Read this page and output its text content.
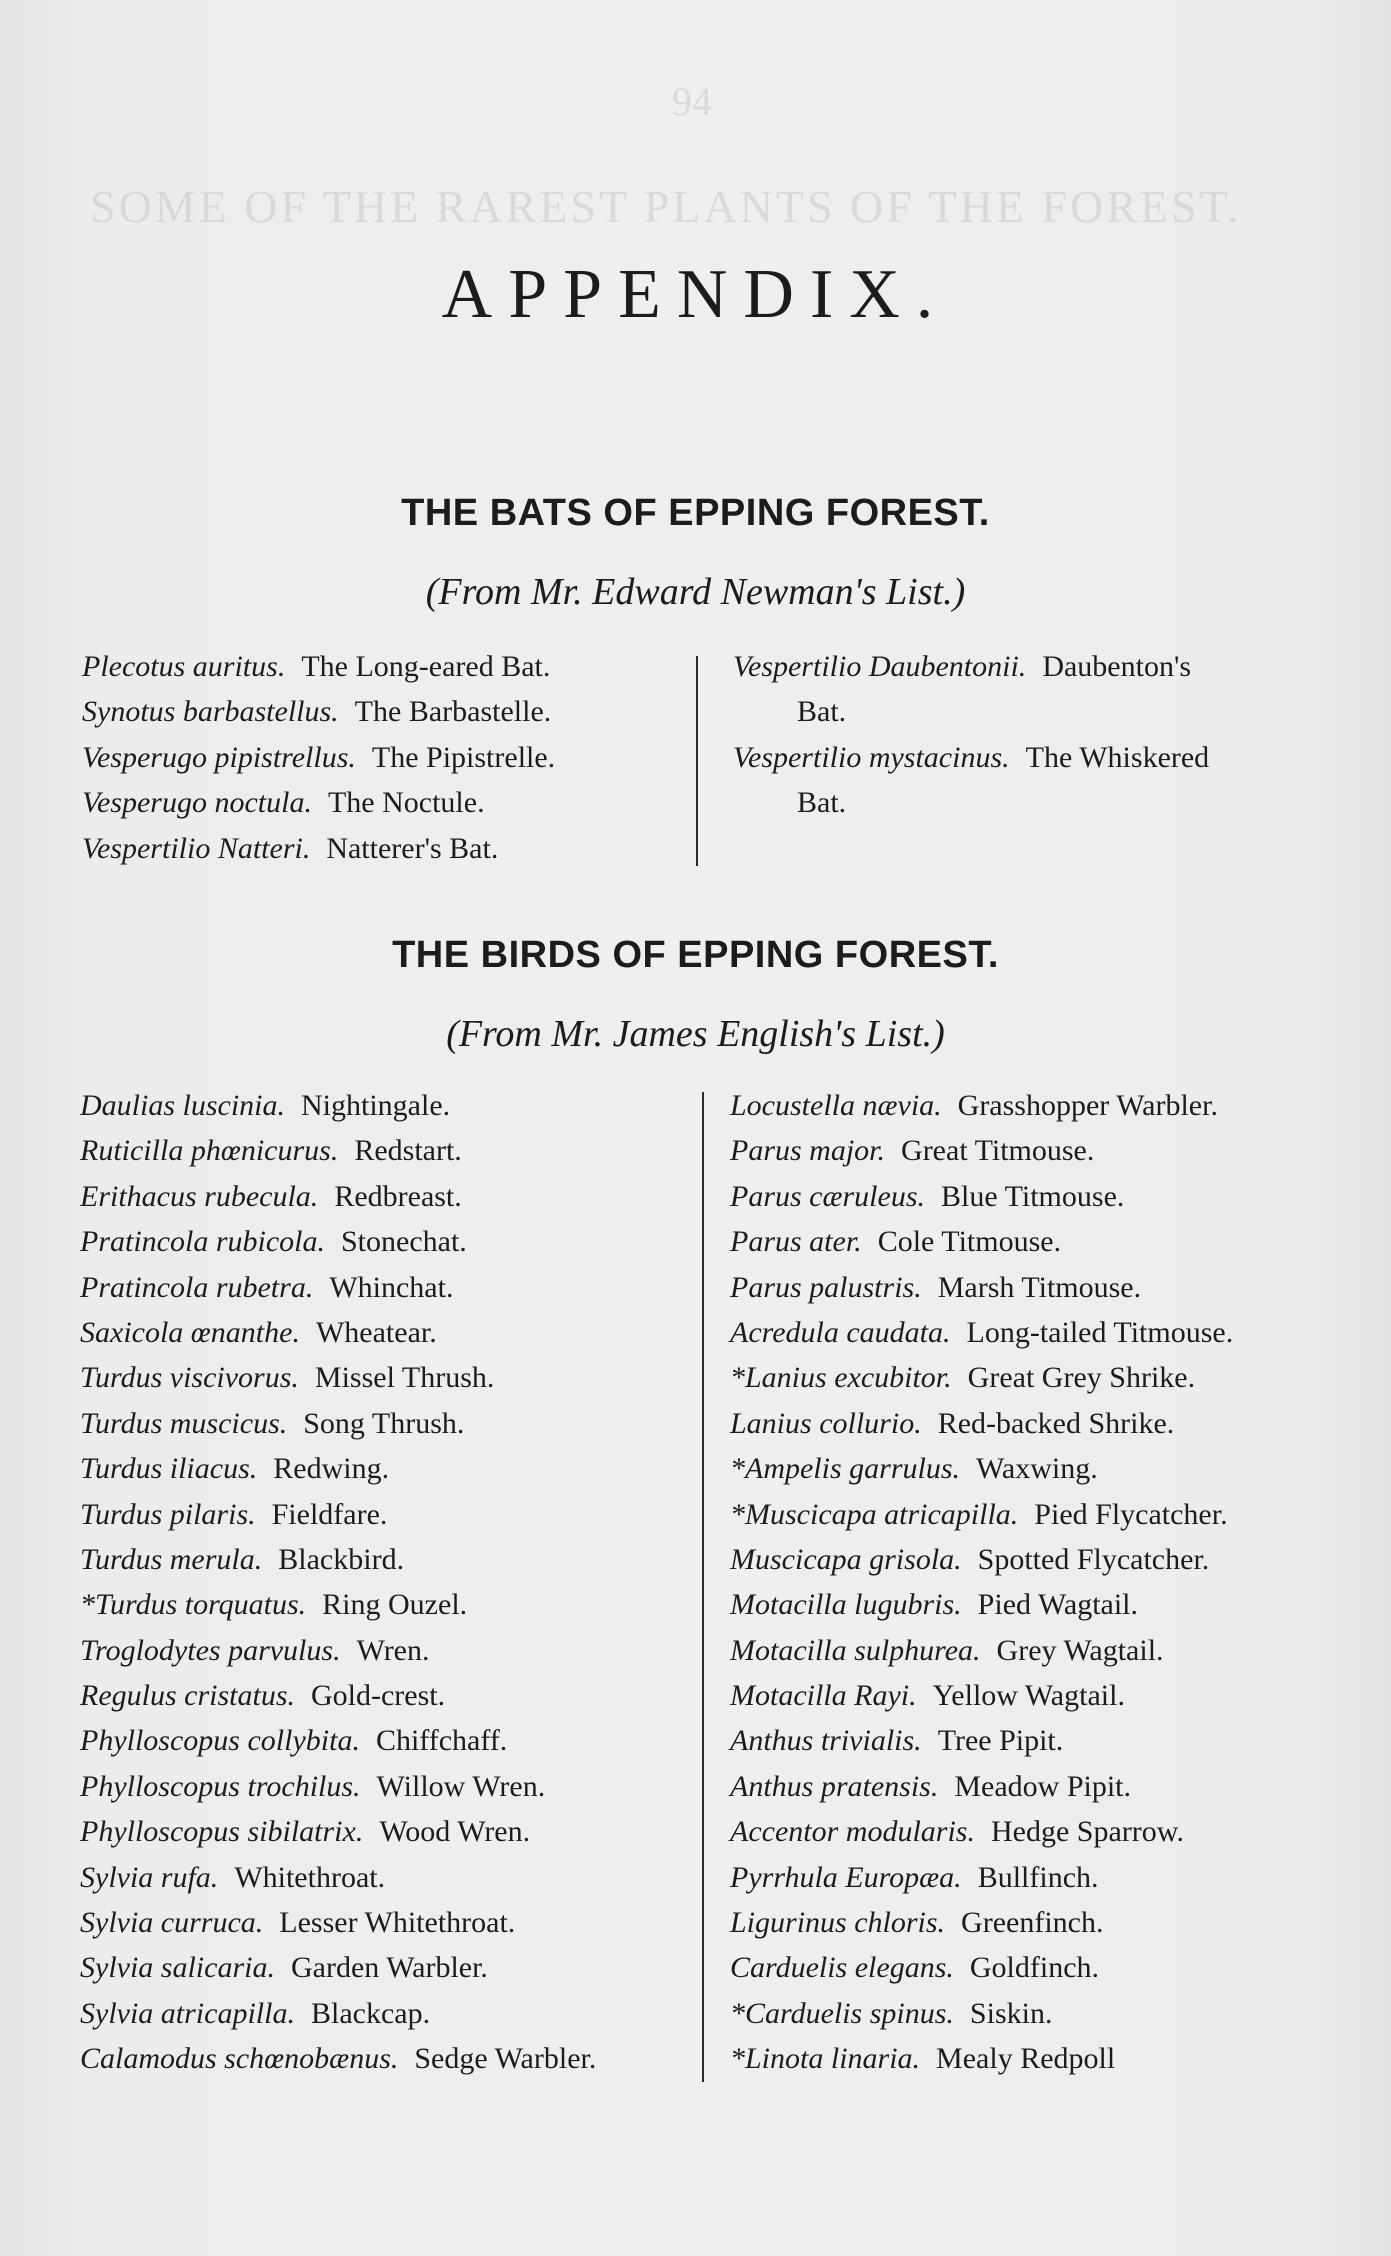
94
SOME OF THE RAREST PLANTS OF THE FOREST.
APPENDIX.
THE BATS OF EPPING FOREST.
(From Mr. Edward Newman's List.)
Plecotus auritus. The Long-eared Bat.
Synotus barbastellus. The Barbastelle.
Vesperugo pipistrellus. The Pipistrelle.
Vesperugo noctula. The Noctule.
Vespertilio Natteri. Natterer's Bat.
Vespertilio Daubentonii. Daubenton's
Bat.
Vespertilio mystacinus. The Whiskered
Bat.
THE BIRDS OF EPPING FOREST.
(From Mr. James English's List.)
Daulias luscinia. Nightingale.
Ruticilla phœnicurus. Redstart.
Erithacus rubecula. Redbreast.
Pratincola rubicola. Stonechat.
Pratincola rubetra. Whinchat.
Saxicola œnanthe. Wheatear.
Turdus viscivorus. Missel Thrush.
Turdus muscicus. Song Thrush.
Turdus iliacus. Redwing.
Turdus pilaris. Fieldfare.
Turdus merula. Blackbird.
*Turdus torquatus. Ring Ouzel.
Troglodytes parvulus. Wren.
Regulus cristatus. Gold-crest.
Phylloscopus collybita. Chiffchaff.
Phylloscopus trochilus. Willow Wren.
Phylloscopus sibilatrix. Wood Wren.
Sylvia rufa. Whitethroat.
Sylvia curruca. Lesser Whitethroat.
Sylvia salicaria. Garden Warbler.
Sylvia atricapilla. Blackcap.
Calamodus schœnobænus. Sedge Warbler.
Locustella nævia. Grasshopper Warbler.
Parus major. Great Titmouse.
Parus cæruleus. Blue Titmouse.
Parus ater. Cole Titmouse.
Parus palustris. Marsh Titmouse.
Acredula caudata. Long-tailed Titmouse.
*Lanius excubitor. Great Grey Shrike.
Lanius collurio. Red-backed Shrike.
*Ampelis garrulus. Waxwing.
*Muscicapa atricapilla. Pied Flycatcher.
Muscicapa grisola. Spotted Flycatcher.
Motacilla lugubris. Pied Wagtail.
Motacilla sulphurea. Grey Wagtail.
Motacilla Rayi. Yellow Wagtail.
Anthus trivialis. Tree Pipit.
Anthus pratensis. Meadow Pipit.
Accentor modularis. Hedge Sparrow.
Pyrrhula Europæa. Bullfinch.
Ligurinus chloris. Greenfinch.
Carduelis elegans. Goldfinch.
*Carduelis spinus. Siskin.
*Linota linaria. Mealy Redpoll
